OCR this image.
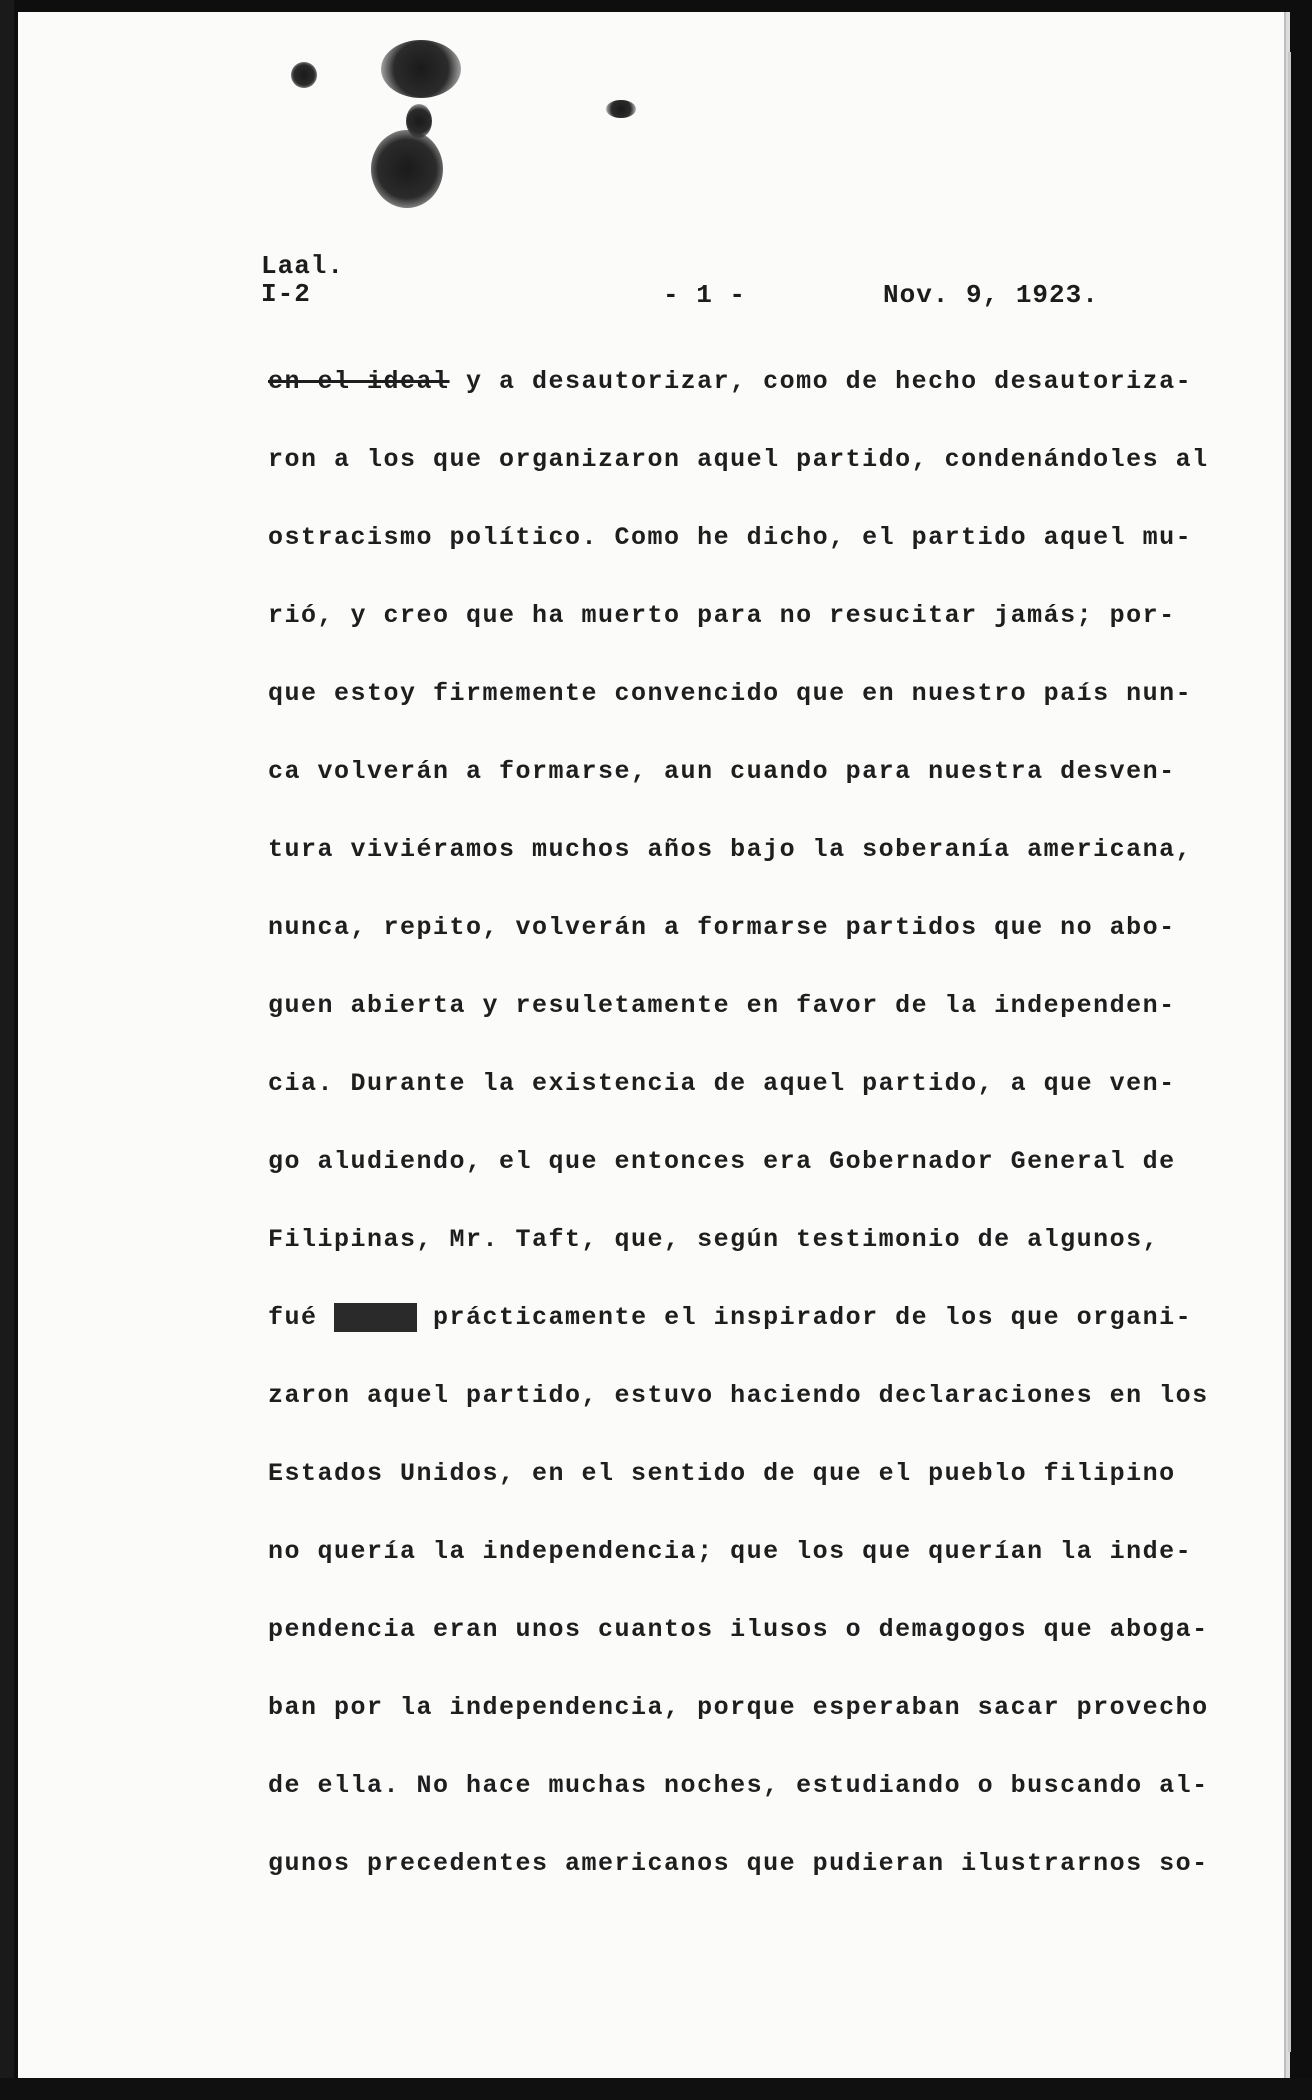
Laal.
I-2	- 1 -	Nov. 9, 1923.
en el ideal y a desautorizar, como de hecho desautoriza-
ron a los que organizaron aquel partido, condenándoles al
ostracismo político. Como he dicho, el partido aquel mu-
rió, y creo que ha muerto para no resucitar jamás; por-
que estoy firmemente convencido que en nuestro país nun-
ca volverán a formarse, aun cuando para nuestra desven-
tura viviéramos muchos años bajo la soberanía americana,
nunca, repito, volverán a formarse partidos que no abo-
guen abierta y resuletamente en favor de la independen-
cia. Durante la existencia de aquel partido, a que ven-
go aludiendo, el que entonces era Gobernador General de
Filipinas, Mr. Taft, que, según testimonio de algunos,
fué xxxxx prácticamente el inspirador de los que organi-
zaron aquel partido, estuvo haciendo declaraciones en los
Estados Unidos, en el sentido de que el pueblo filipino
no quería la independencia; que los que querían la inde-
pendencia eran unos cuantos ilusos o demagogos que aboga-
ban por la independencia, porque esperaban sacar provecho
de ella. No hace muchas noches, estudiando o buscando al-
gunos precedentes americanos que pudieran ilustrarnos so-
